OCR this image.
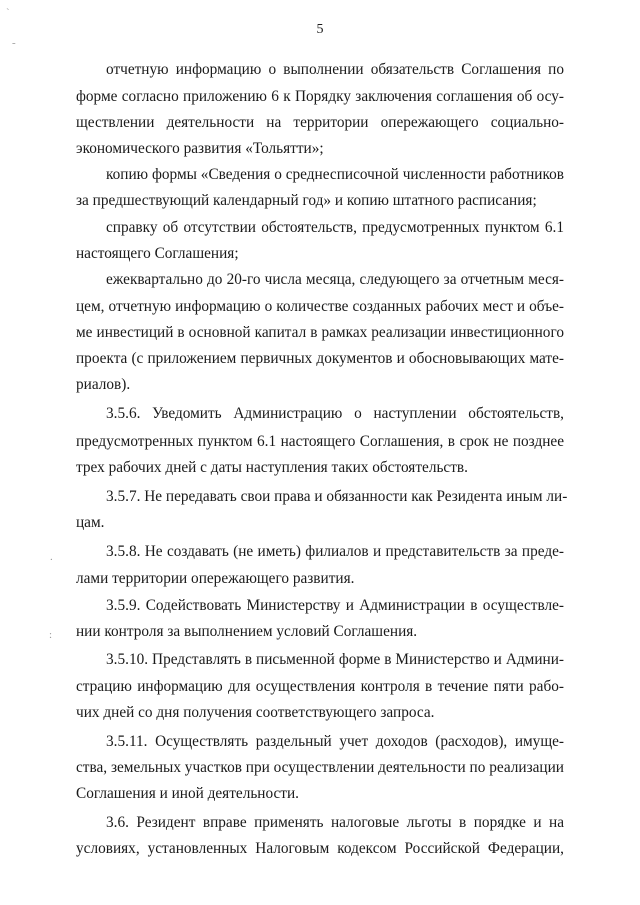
`
-
.
:
5
отчетную информацию о выполнении обязательств Соглашения по
форме согласно приложению 6 к Порядку заключения соглашения об осу-
ществлении деятельности на территории опережающего социально-
экономического развития «Тольятти»;
копию формы «Сведения о среднесписочной численности работников
за предшествующий календарный год» и копию штатного расписания;
справку об отсутствии обстоятельств, предусмотренных пунктом 6.1
настоящего Соглашения;
ежеквартально до 20-го числа месяца, следующего за отчетным меся-
цем, отчетную информацию о количестве созданных рабочих мест и объе-
ме инвестиций в основной капитал в рамках реализации инвестиционного
проекта (с приложением первичных документов и обосновывающих мате-
риалов).
3.5.6. Уведомить Администрацию о наступлении обстоятельств,
предусмотренных пунктом 6.1 настоящего Соглашения, в срок не позднее
трех рабочих дней с даты наступления таких обстоятельств.
3.5.7. Не передавать свои права и обязанности как Резидента иным ли-
цам.
3.5.8. Не создавать (не иметь) филиалов и представительств за преде-
лами территории опережающего развития.
3.5.9. Содействовать Министерству и Администрации в осуществле-
нии контроля за выполнением условий Соглашения.
3.5.10. Представлять в письменной форме в Министерство и Админи-
страцию информацию для осуществления контроля в течение пяти рабо-
чих дней со дня получения соответствующего запроса.
3.5.11. Осуществлять раздельный учет доходов (расходов), имуще-
ства, земельных участков при осуществлении деятельности по реализации
Соглашения и иной деятельности.
3.6. Резидент вправе применять налоговые льготы в порядке и на
условиях, установленных Налоговым кодексом Российской Федерации,
